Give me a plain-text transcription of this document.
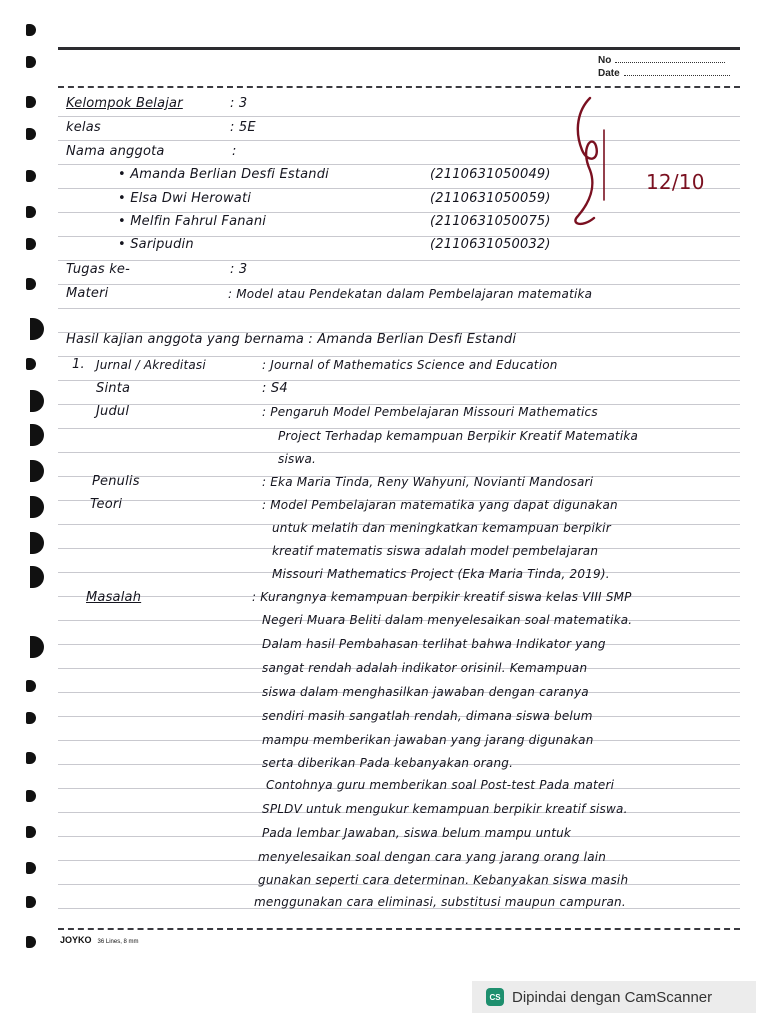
No
Date
Kelompok Belajar	: 3
kelas	: 5E
Nama anggota	:
• Amanda Berlian Desfi Estandi	(2110631050049)
• Elsa Dwi Herowati	(2110631050059)
• Melfin Fahrul Fanani	(2110631050075)
• Saripudin	(2110631050032)
12/10
Tugas ke-	: 3
Materi	: Model atau Pendekatan dalam Pembelajaran matematika
Hasil kajian anggota yang bernama : Amanda Berlian Desfi Estandi
1. Jurnal / Akreditasi	: Journal of Mathematics Science and Education
Sinta	: S4
Judul	: Pengaruh Model Pembelajaran Missouri Mathematics
Project Terhadap kemampuan Berpikir Kreatif Matematika
siswa.
Penulis	: Eka Maria Tinda, Reny Wahyuni, Novianti Mandosari
Teori	: Model Pembelajaran matematika yang dapat digunakan
untuk melatih dan meningkatkan kemampuan berpikir
kreatif matematis siswa adalah model pembelajaran
Missouri Mathematics Project (Eka Maria Tinda, 2019).
Masalah	: Kurangnya kemampuan berpikir kreatif siswa kelas VIII SMP
Negeri Muara Beliti dalam menyelesaikan soal matematika.
Dalam hasil Pembahasan terlihat bahwa Indikator yang
sangat rendah adalah indikator orisinil. Kemampuan
siswa dalam menghasilkan jawaban dengan caranya
sendiri masih sangatlah rendah, dimana siswa belum
mampu memberikan jawaban yang jarang digunakan
serta diberikan Pada kebanyakan orang.
Contohnya guru memberikan soal Post-test Pada materi
SPLDV untuk mengukur kemampuan berpikir kreatif siswa.
Pada lembar Jawaban, siswa belum mampu untuk
menyelesaikan soal dengan cara yang jarang orang lain
gunakan seperti cara determinan. Kebanyakan siswa masih
menggunakan cara eliminasi, substitusi maupun campuran.
JOYKO 36 Lines, 8 mm
CS Dipindai dengan CamScanner
